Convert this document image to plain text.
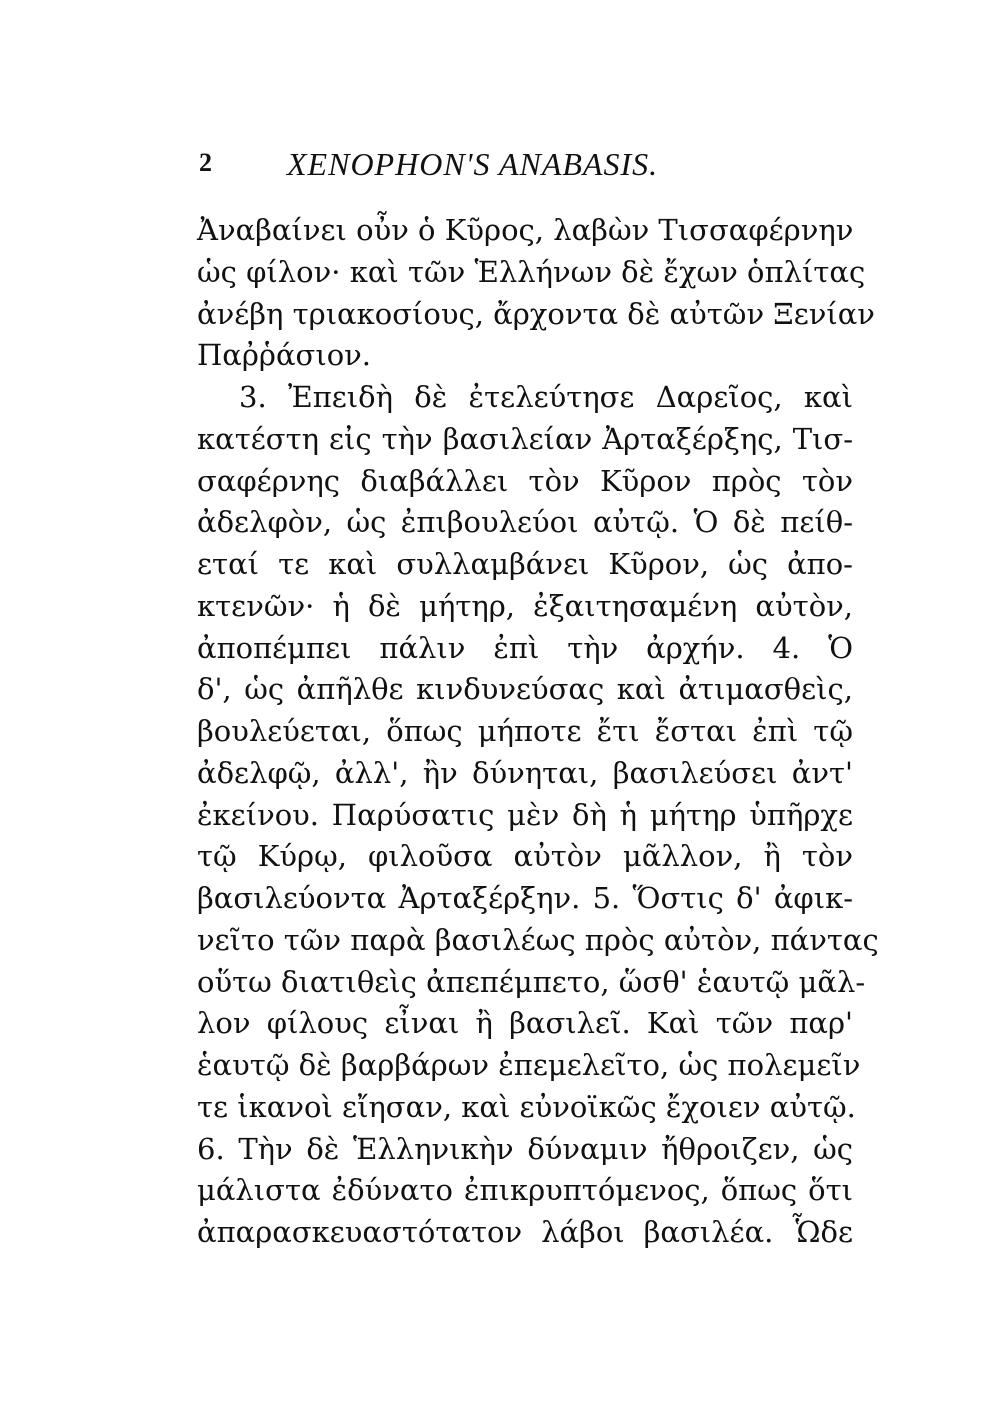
2 XENOPHON'S ANABASIS.
Ἀναβαίνει οὖν ὁ Κῦρος, λαβὼν Τισσαφέρνην
ὡς φίλον· καὶ τῶν Ἑλλήνων δὲ ἔχων ὁπλίτας
ἀνέβη τριακοσίους, ἄρχοντα δὲ αὐτῶν Ξενίαν
Παῤῥάσιον.
3. Ἐπειδὴ δὲ ἐτελεύτησε Δαρεῖος, καὶ
κατέστη εἰς τὴν βασιλείαν Ἀρταξέρξης, Τισ-
σαφέρνης διαβάλλει τὸν Κῦρον πρὸς τὸν
ἀδελφὸν, ὡς ἐπιβουλεύοι αὐτῷ. Ὁ δὲ πείθ-
εταί τε καὶ συλλαμβάνει Κῦρον, ὡς ἀπο-
κτενῶν· ἡ δὲ μήτηρ, ἐξαιτησαμένη αὐτὸν,
ἀποπέμπει πάλιν ἐπὶ τὴν ἀρχήν. 4. Ὁ
δ', ὡς ἀπῆλθε κινδυνεύσας καὶ ἀτιμασθεὶς,
βουλεύεται, ὅπως μήποτε ἔτι ἔσται ἐπὶ τῷ
ἀδελφῷ, ἀλλ', ἢν δύνηται, βασιλεύσει ἀντ'
ἐκείνου. Παρύσατις μὲν δὴ ἡ μήτηρ ὑπῆρχε
τῷ Κύρῳ, φιλοῦσα αὐτὸν μᾶλλον, ἢ τὸν
βασιλεύοντα Ἀρταξέρξην. 5. Ὅστις δ' ἀφικ-
νεῖτο τῶν παρὰ βασιλέως πρὸς αὐτὸν, πάντας
οὕτω διατιθεὶς ἀπεπέμπετο, ὥσθ' ἑαυτῷ μᾶλ-
λον φίλους εἶναι ἢ βασιλεῖ. Καὶ τῶν παρ'
ἑαυτῷ δὲ βαρβάρων ἐπεμελεῖτο, ὡς πολεμεῖν
τε ἱκανοὶ εἴησαν, καὶ εὐνοϊκῶς ἔχοιεν αὐτῷ.
6. Τὴν δὲ Ἑλληνικὴν δύναμιν ἤθροιζεν, ὡς
μάλιστα ἐδύνατο ἐπικρυπτόμενος, ὅπως ὅτι
ἀπαρασκευαστότατον λάβοι βασιλέα. Ὧδε
